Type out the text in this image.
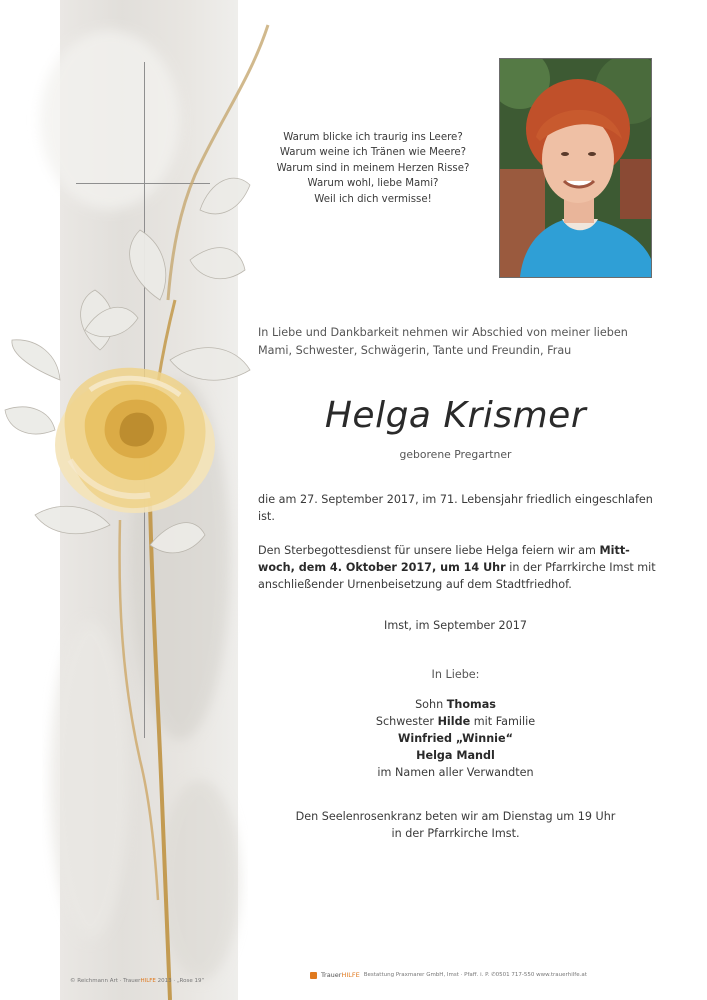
Warum blicke ich traurig ins Leere?
Warum weine ich Tränen wie Meere?
Warum sind in meinem Herzen Risse?
Warum wohl, liebe Mami?
Weil ich dich vermisse!
In Liebe und Dankbarkeit nehmen wir Abschied von meiner lieben
Mami, Schwester, Schwägerin, Tante und Freundin, Frau
Helga Krismer
geborene Pregartner
die am 27. September 2017, im 71. Lebensjahr friedlich eingeschlafen
ist.
Den Sterbegottesdienst für unsere liebe Helga feiern wir am Mitt-
woch, dem 4. Oktober 2017, um 14 Uhr in der Pfarrkirche Imst mit
anschließender Urnenbeisetzung auf dem Stadtfriedhof.
Imst, im September 2017
In Liebe:
Sohn Thomas
Schwester Hilde mit Familie
Winfried „Winnie“
Helga Mandl
im Namen aller Verwandten
Den Seelenrosenkranz beten wir am Dienstag um 19 Uhr
in der Pfarrkirche Imst.
© Reichmann Art · TrauerHILFE 2013 · „Rose 19“
TrauerHILFE Bestattung Praxmarer GmbH, Imst · Pfaff. i. P. ✆0501 717-550 www.trauerhilfe.at
